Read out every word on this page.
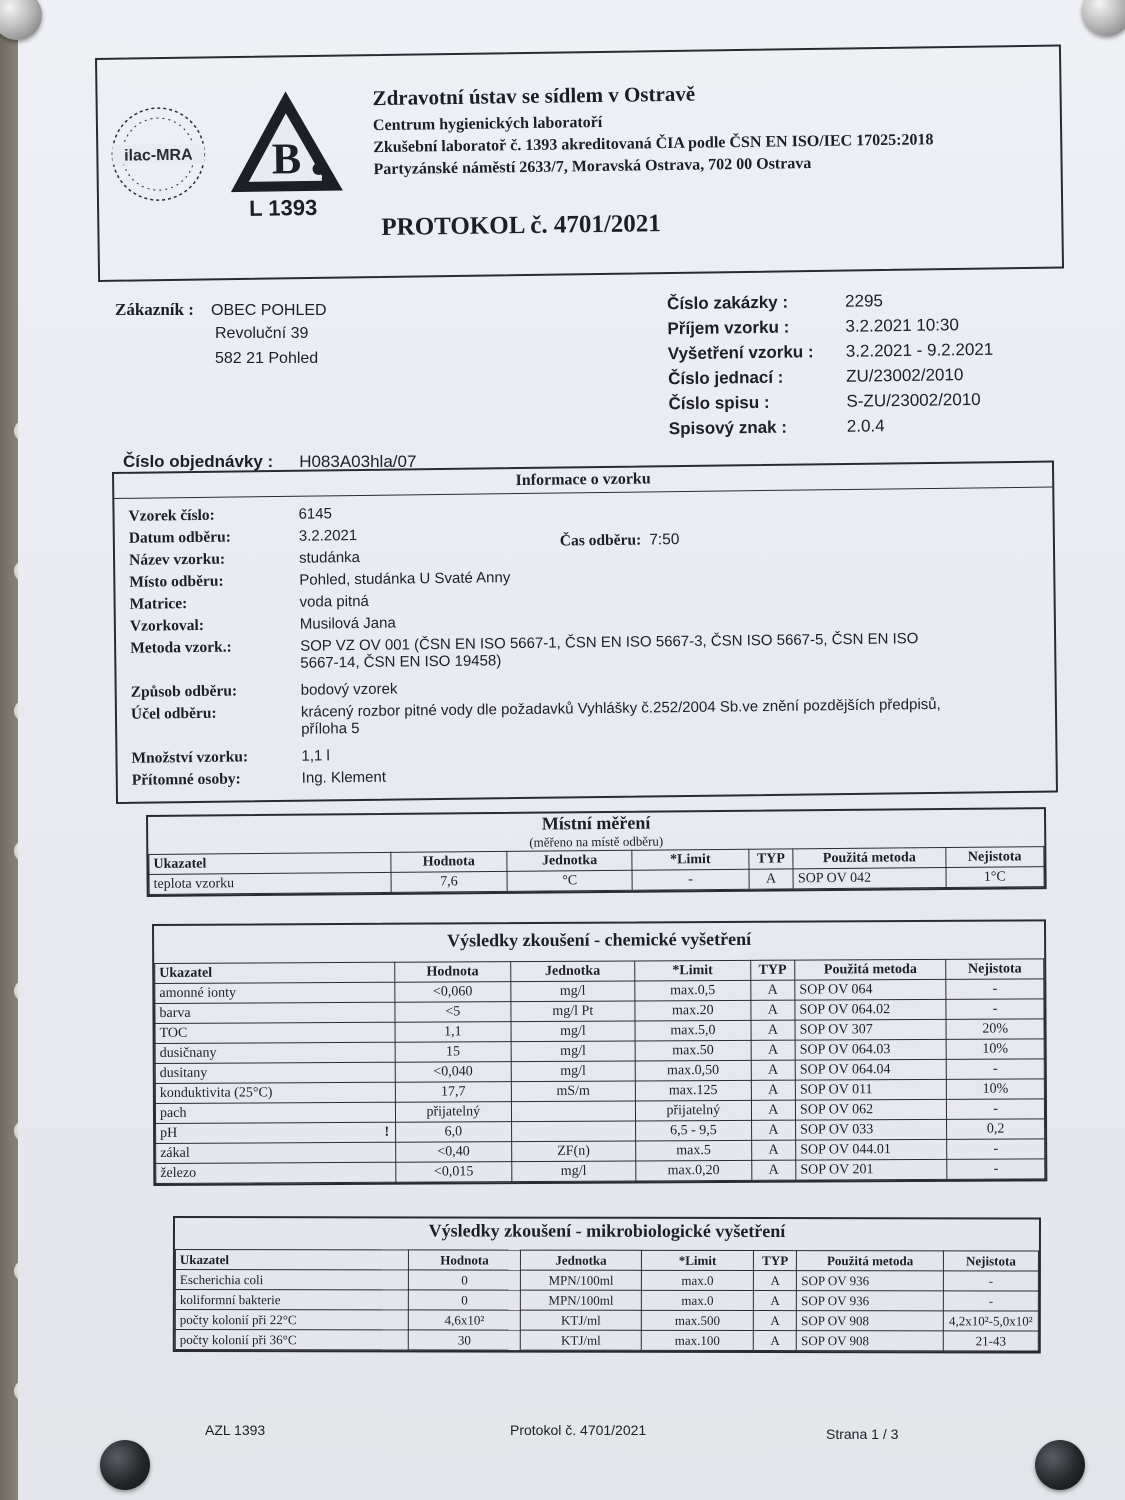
ilac-MRA B
L 1393
Zdravotní ústav se sídlem v Ostravě
Centrum hygienických laboratoří
Zkušební laboratoř č. 1393 akreditovaná ČIA podle ČSN EN ISO/IEC 17025:2018
Partyzánské náměstí 2633/7, Moravská Ostrava, 702 00 Ostrava
PROTOKOL č. 4701/2021
Zákazník : OBEC POHLED
Revoluční 39
582 21 Pohled
Číslo zakázky :	2295
Příjem vzorku :	3.2.2021 10:30
Vyšetření vzorku :	3.2.2021 - 9.2.2021
Číslo jednací :	ZU/23002/2010
Číslo spisu :	S-ZU/23002/2010
Spisový znak :	2.0.4
Číslo objednávky : H083A03hla/07
Informace o vzorku
Vzorek číslo:	6145
Datum odběru:	3.2.2021
Název vzorku:	studánka
Místo odběru:	Pohled, studánka U Svaté Anny
Matrice:	voda pitná
Vzorkoval:	Musilová Jana
Metoda vzork.:	SOP VZ OV 001 (ČSN EN ISO 5667-1, ČSN EN ISO 5667-3, ČSN ISO 5667-5, ČSN EN ISO 5667-14, ČSN EN ISO 19458)
Způsob odběru:	bodový vzorek
Účel odběru:	krácený rozbor pitné vody dle požadavků Vyhlášky č.252/2004 Sb.ve znění pozdějších předpisů, příloha 5
Množství vzorku:	1,1 l
Přítomné osoby:	Ing. Klement
Čas odběru: 7:50
Místní měření
(měřeno na místě odběru)
Ukazatel	Hodnota	Jednotka	*Limit	TYP	Použitá metoda	Nejistota
teplota vzorku	7,6	°C	-	A	SOP OV 042	1°C
Výsledky zkoušení - chemické vyšetření
Ukazatel	Hodnota	Jednotka	*Limit	TYP	Použitá metoda	Nejistota
amonné ionty	<0,060	mg/l	max.0,5	A	SOP OV 064	-
barva	<5	mg/l Pt	max.20	A	SOP OV 064.02	-
TOC	1,1	mg/l	max.5,0	A	SOP OV 307	20%
dusičnany	15	mg/l	max.50	A	SOP OV 064.03	10%
dusitany	<0,040	mg/l	max.0,50	A	SOP OV 064.04	-
konduktivita (25°C)	17,7	mS/m	max.125	A	SOP OV 011	10%
pach	přijatelný		přijatelný	A	SOP OV 062	-
pH !	6,0		6,5 - 9,5	A	SOP OV 033	0,2
zákal	<0,40	ZF(n)	max.5	A	SOP OV 044.01	-
železo	<0,015	mg/l	max.0,20	A	SOP OV 201	-
Výsledky zkoušení - mikrobiologické vyšetření
Ukazatel	Hodnota	Jednotka	*Limit	TYP	Použitá metoda	Nejistota
Escherichia coli	0	MPN/100ml	max.0	A	SOP OV 936	-
koliformní bakterie	0	MPN/100ml	max.0	A	SOP OV 936	-
počty kolonií při 22°C	4,6x10²	KTJ/ml	max.500	A	SOP OV 908	4,2x10²-5,0x10²
počty kolonií při 36°C	30	KTJ/ml	max.100	A	SOP OV 908	21-43
AZL 1393	Protokol č. 4701/2021	Strana 1 / 3
